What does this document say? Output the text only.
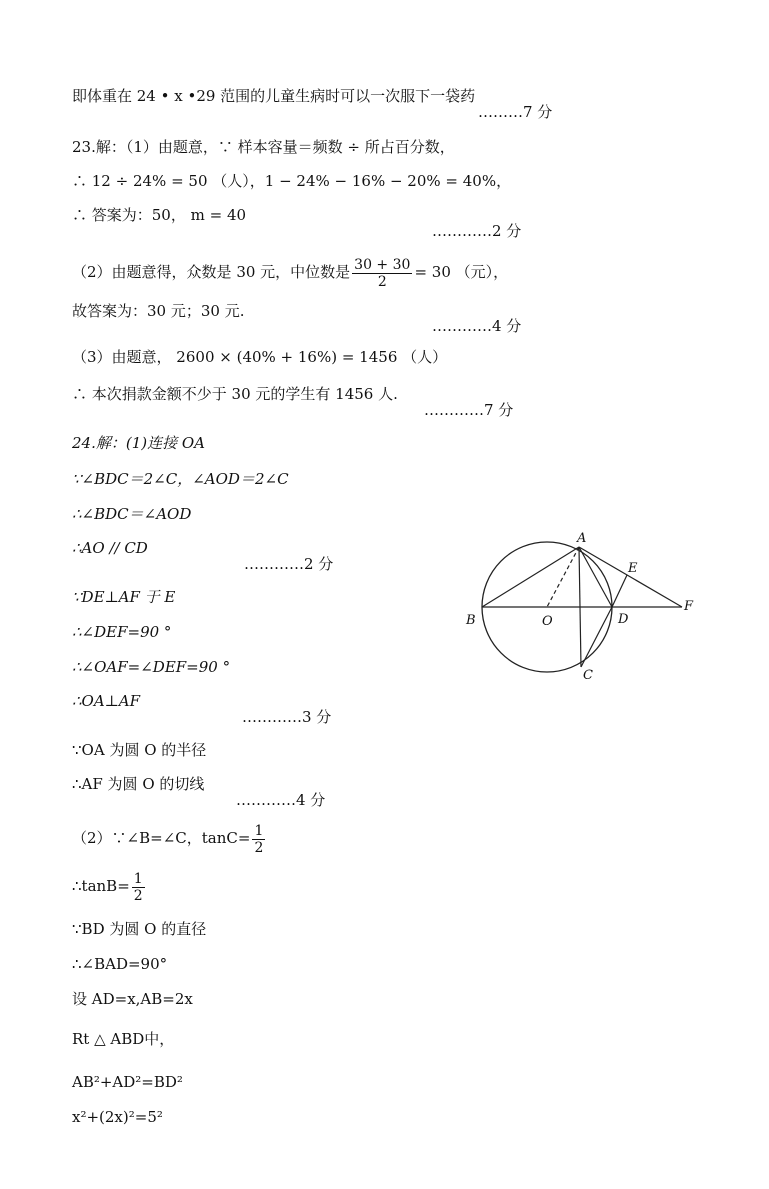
即体重在 24 • x •29 范围的儿童生病时可以一次服下一袋药
………7 分
23.解：（1）由题意，∵ 样本容量＝频数 ÷ 所占百分数，
∴ 12 ÷ 24% = 50 （人），1 − 24% − 16% − 20% = 40%，
∴ 答案为：50， m = 40
…………2 分
（2）由题意得，众数是 30 元，中位数是 $\frac{30 + 30}{2} = 30$ （元），
故答案为：30 元；30 元.
…………4 分
（3）由题意， 2600 × (40% + 16%) = 1456 （人）
∴ 本次捐款金额不少于 30 元的学生有 1456 人.
…………7 分
24.解：(1)连接 OA
∵∠BDC＝2∠C，∠AOD＝2∠C
∴∠BDC＝∠AOD
∴AO // CD
…………2 分
∵DE⊥AF 于 E
∴∠DEF=90 °
∴∠OAF=∠DEF=90 °
∴OA⊥AF
…………3 分
∵OA 为圆 O 的半径
∴AF 为圆 O 的切线
…………4 分
（2）∵∠B=∠C，$\tan C= \frac{1}{2}$
∴tanB= $\frac{1}{2}$
∵BD 为圆 O 的直径
∴∠BAD=90°
设 AD=x,AB=2x
Rt △ ABD中，
AB²+AD²=BD²
x²+(2x)²=5²
A
B
C
D
E
F
O
